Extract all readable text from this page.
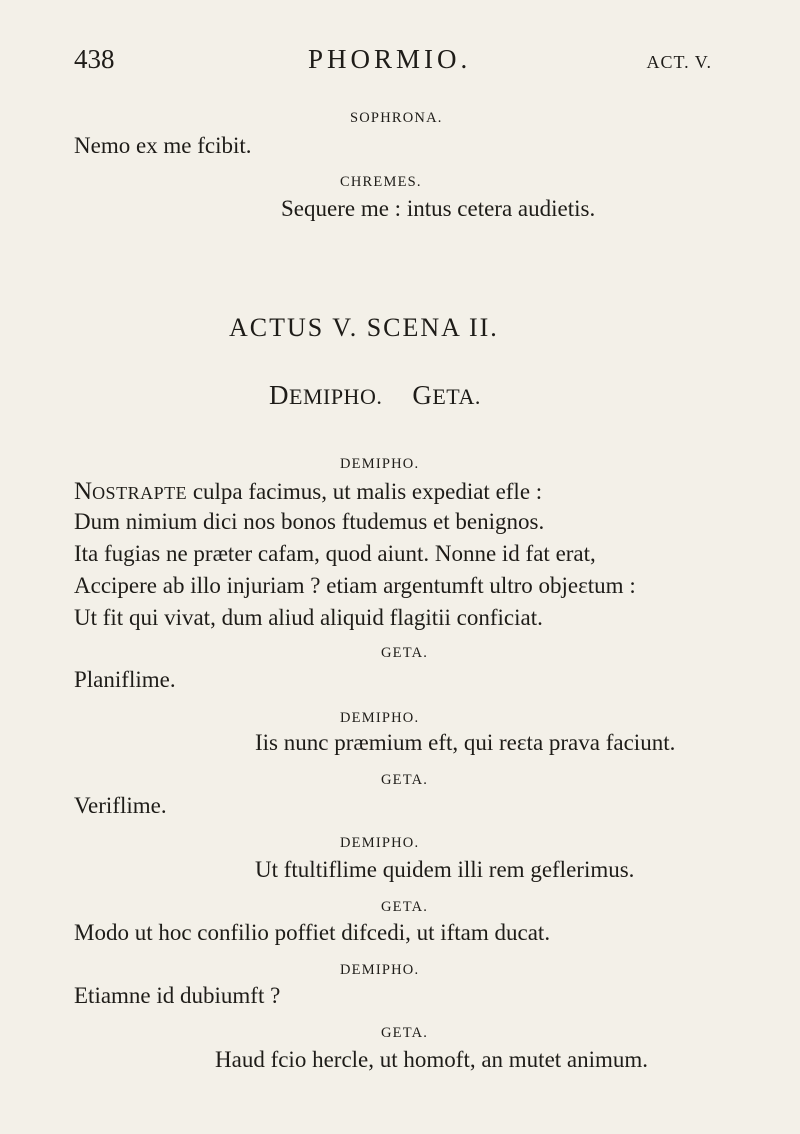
438	PHORMIO.	ACT. V.
SOPHRONA.
Nemo ex me fcibit.
CHREMES.
Sequere me : intus cetera audietis.
ACTUS V. SCENA II.
DEMIPHO. GETA.
DEMIPHO.
NOSTRAPTE culpa facimus, ut malis expediat efle :
Dum nimium dici nos bonos ftudemus et benignos.
Ita fugias ne præter cafam, quod aiunt. Nonne id fat erat,
Accipere ab illo injuriam ? etiam argentumft ultro objeɛtum :
Ut fit qui vivat, dum aliud aliquid flagitii conficiat.
GETA.
Planiflime.
DEMIPHO.
Iis nunc præmium eft, qui reɛta prava faciunt.
GETA.
Veriflime.
DEMIPHO.
Ut ftultiflime quidem illi rem geflerimus.
GETA.
Modo ut hoc confilio poffiet difcedi, ut iftam ducat.
DEMIPHO.
Etiamne id dubiumft ?
GETA.
Haud fcio hercle, ut homoft, an mutet animum.
